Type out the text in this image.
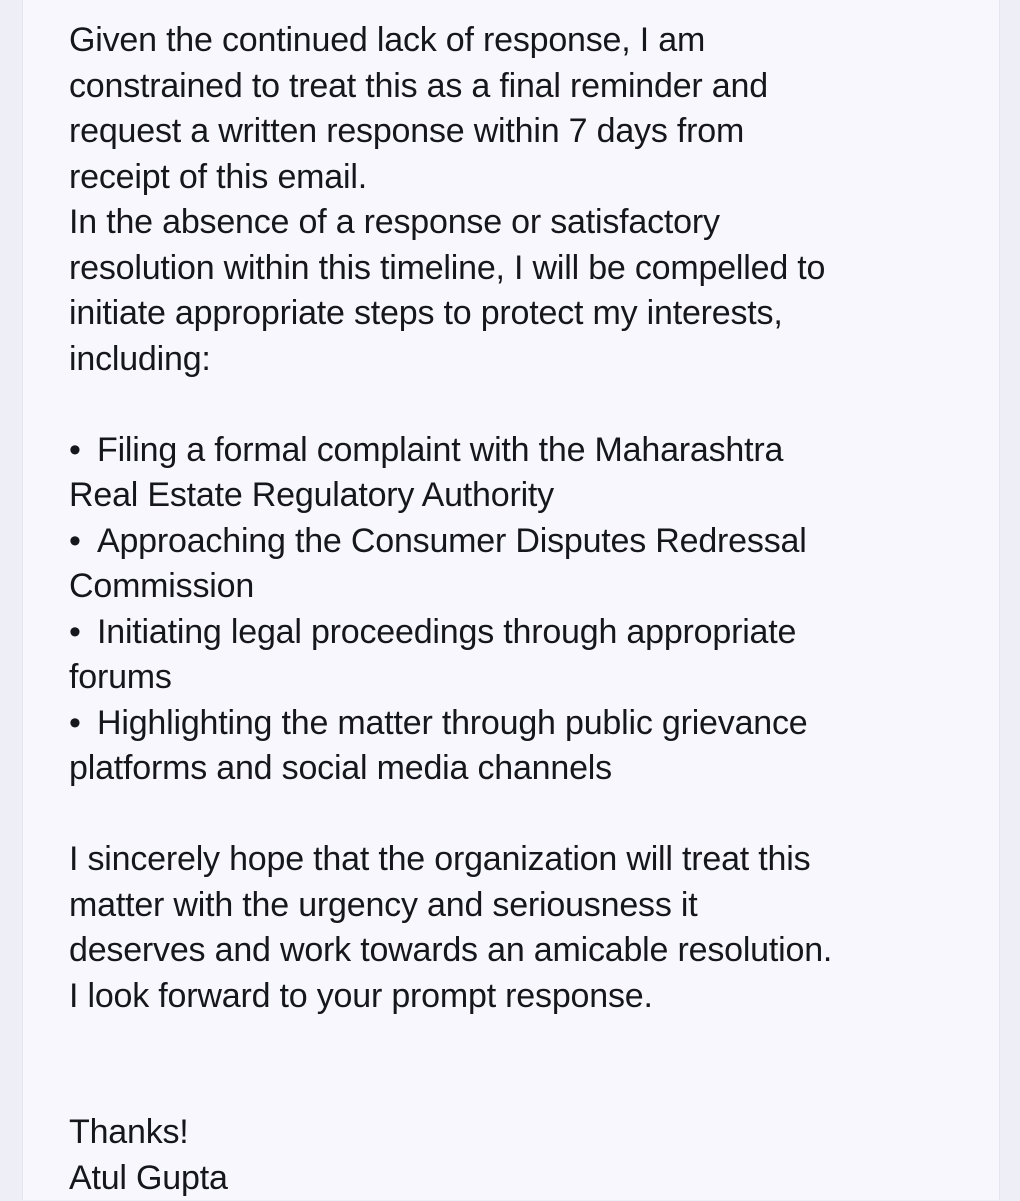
Given the continued lack of response, I am
constrained to treat this as a final reminder and
request a written response within 7 days from
receipt of this email.
In the absence of a response or satisfactory
resolution within this timeline, I will be compelled to
initiate appropriate steps to protect my interests,
including:
• Filing a formal complaint with the Maharashtra
Real Estate Regulatory Authority
• Approaching the Consumer Disputes Redressal
Commission
• Initiating legal proceedings through appropriate
forums
• Highlighting the matter through public grievance
platforms and social media channels
I sincerely hope that the organization will treat this
matter with the urgency and seriousness it
deserves and work towards an amicable resolution.
I look forward to your prompt response.
Thanks!
Atul Gupta
